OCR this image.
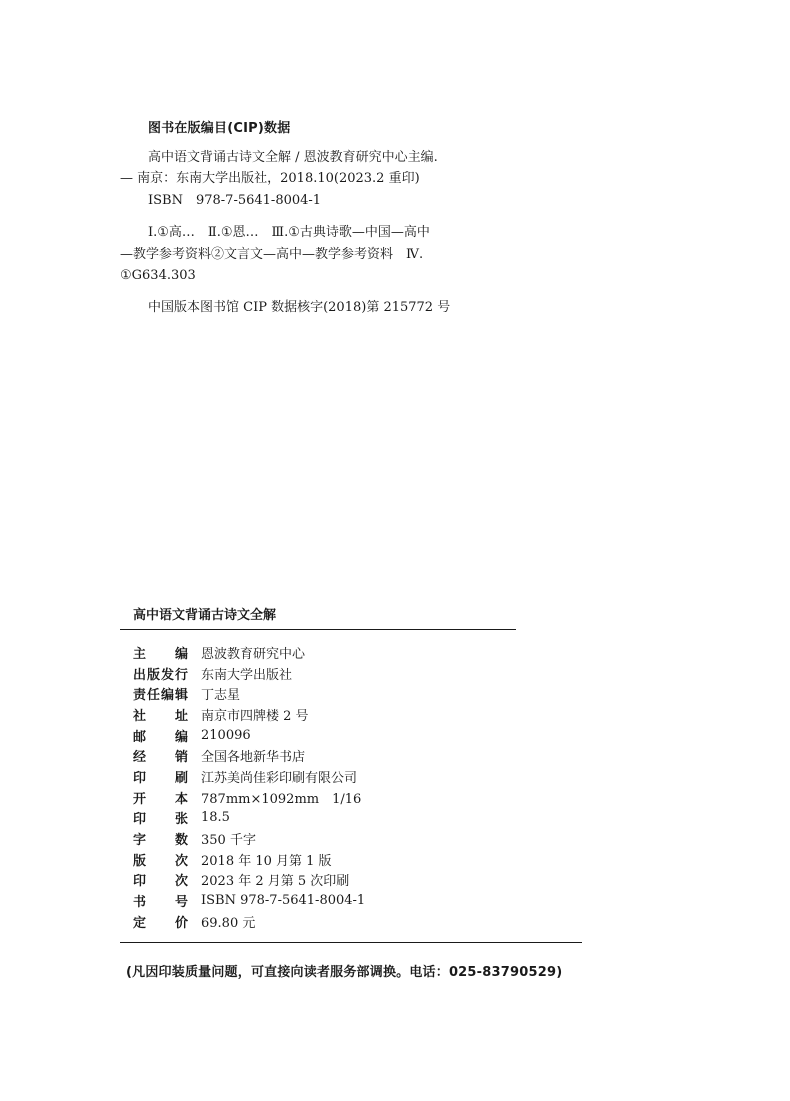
图书在版编目(CIP)数据
高中语文背诵古诗文全解 / 恩波教育研究中心主编.
— 南京：东南大学出版社，2018.10(2023.2 重印)
ISBN　978-7-5641-8004-1
Ⅰ.①高…　Ⅱ.①恩…　Ⅲ.①古典诗歌—中国—高中
—教学参考资料②文言文—高中—教学参考资料　Ⅳ.
①G634.303
中国版本图书馆 CIP 数据核字(2018)第 215772 号
高中语文背诵古诗文全解
主 编 恩波教育研究中心
出 版 发 行 东南大学出版社
责 任 编 辑 丁志星
社 址 南京市四牌楼 2 号
邮 编 210096
经 销 全国各地新华书店
印 刷 江苏美尚佳彩印刷有限公司
开 本 787mm×1092mm　1/16
印 张 18.5
字 数 350 千字
版 次 2018 年 10 月第 1 版
印 次 2023 年 2 月第 5 次印刷
书 号 ISBN 978-7-5641-8004-1
定 价 69.80 元
(凡因印装质量问题，可直接向读者服务部调换。电话：025-83790529)
